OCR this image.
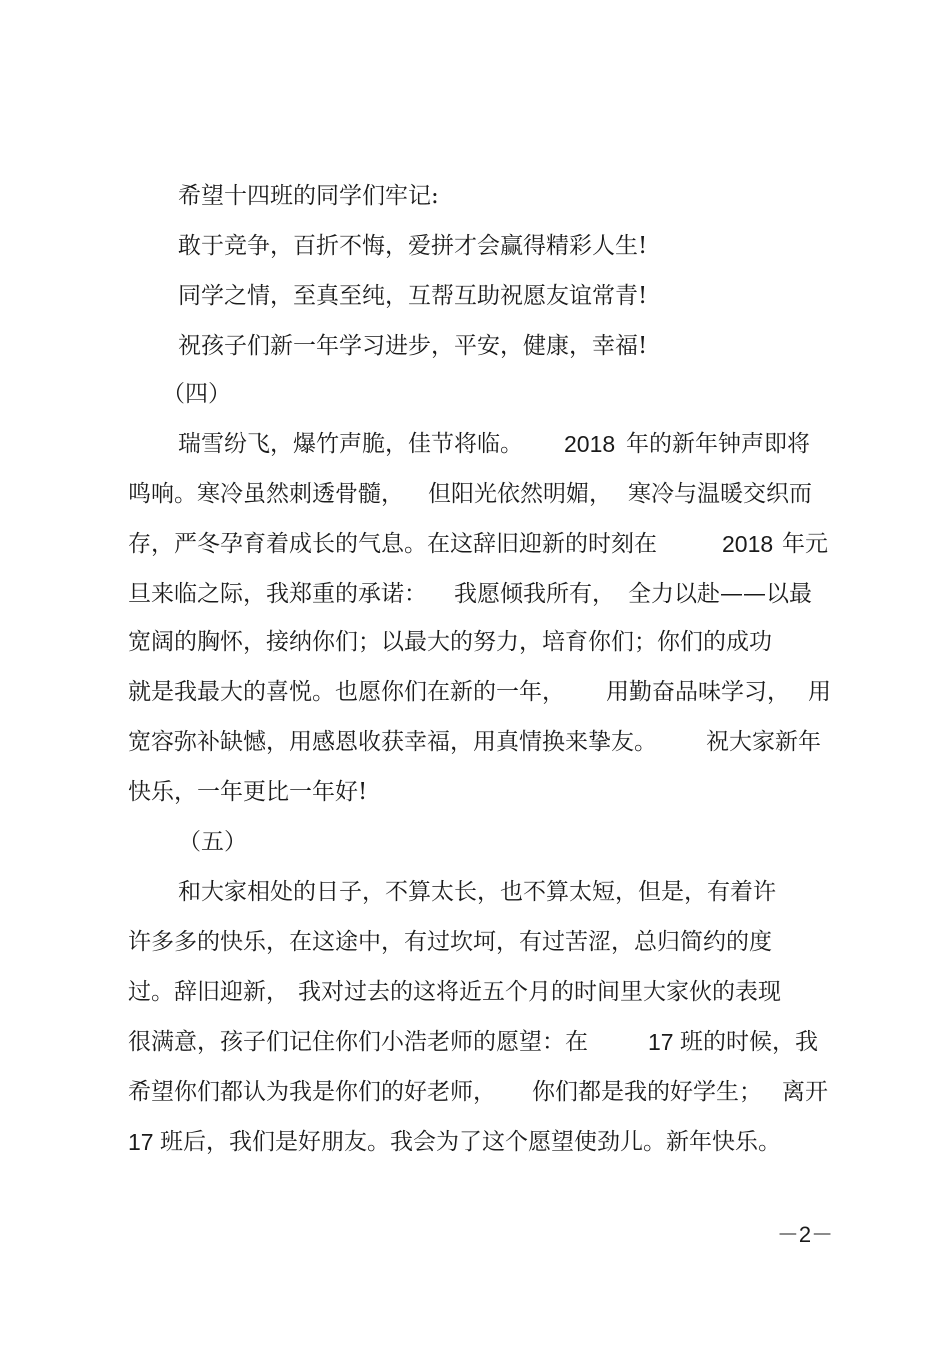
希望十四班的同学们牢记:

敢于竞争，百折不悔，爱拼才会赢得精彩人生!

同学之情，至真至纯，互帮互助祝愿友谊常青!

祝孩子们新一年学习进步，平安，健康，幸福!

（四）

瑞雪纷飞，爆竹声脆，佳节将临。

2018

年的新年钟声即将

鸣响。寒冷虽然刺透骨髓，

但阳光依然明媚，

寒冷与温暖交织而

存，严冬孕育着成长的气息。在这辞旧迎新的时刻在

	2018

年元

旦来临之际，我郑重的承诺：

我愿倾我所有，

全力以赴——以最

宽阔的胸怀，接纳你们；以最大的努力，培育你们；你们的成功

就是我最大的喜悦。也愿你们在新的一年，

用勤奋品味学习，

用

宽容弥补缺憾，用感恩收获幸福，用真情换来挚友。

祝大家新年

快乐，一年更比一年好!

（五）

和大家相处的日子，不算太长，也不算太短，但是，有着许

许多多的快乐，在这途中，有过坎坷，有过苦涩，总归简约的度

过。辞旧迎新，

我对过去的这将近五个月的时间里大家伙的表现

很满意，孩子们记住你们小浩老师的愿望：在

	17

班的时候，我

希望你们都认为我是你们的好老师，

你们都是我的好学生；

离开

17

班后，我们是好朋友。我会为了这个愿望使劲儿。新年快乐。

－2－
